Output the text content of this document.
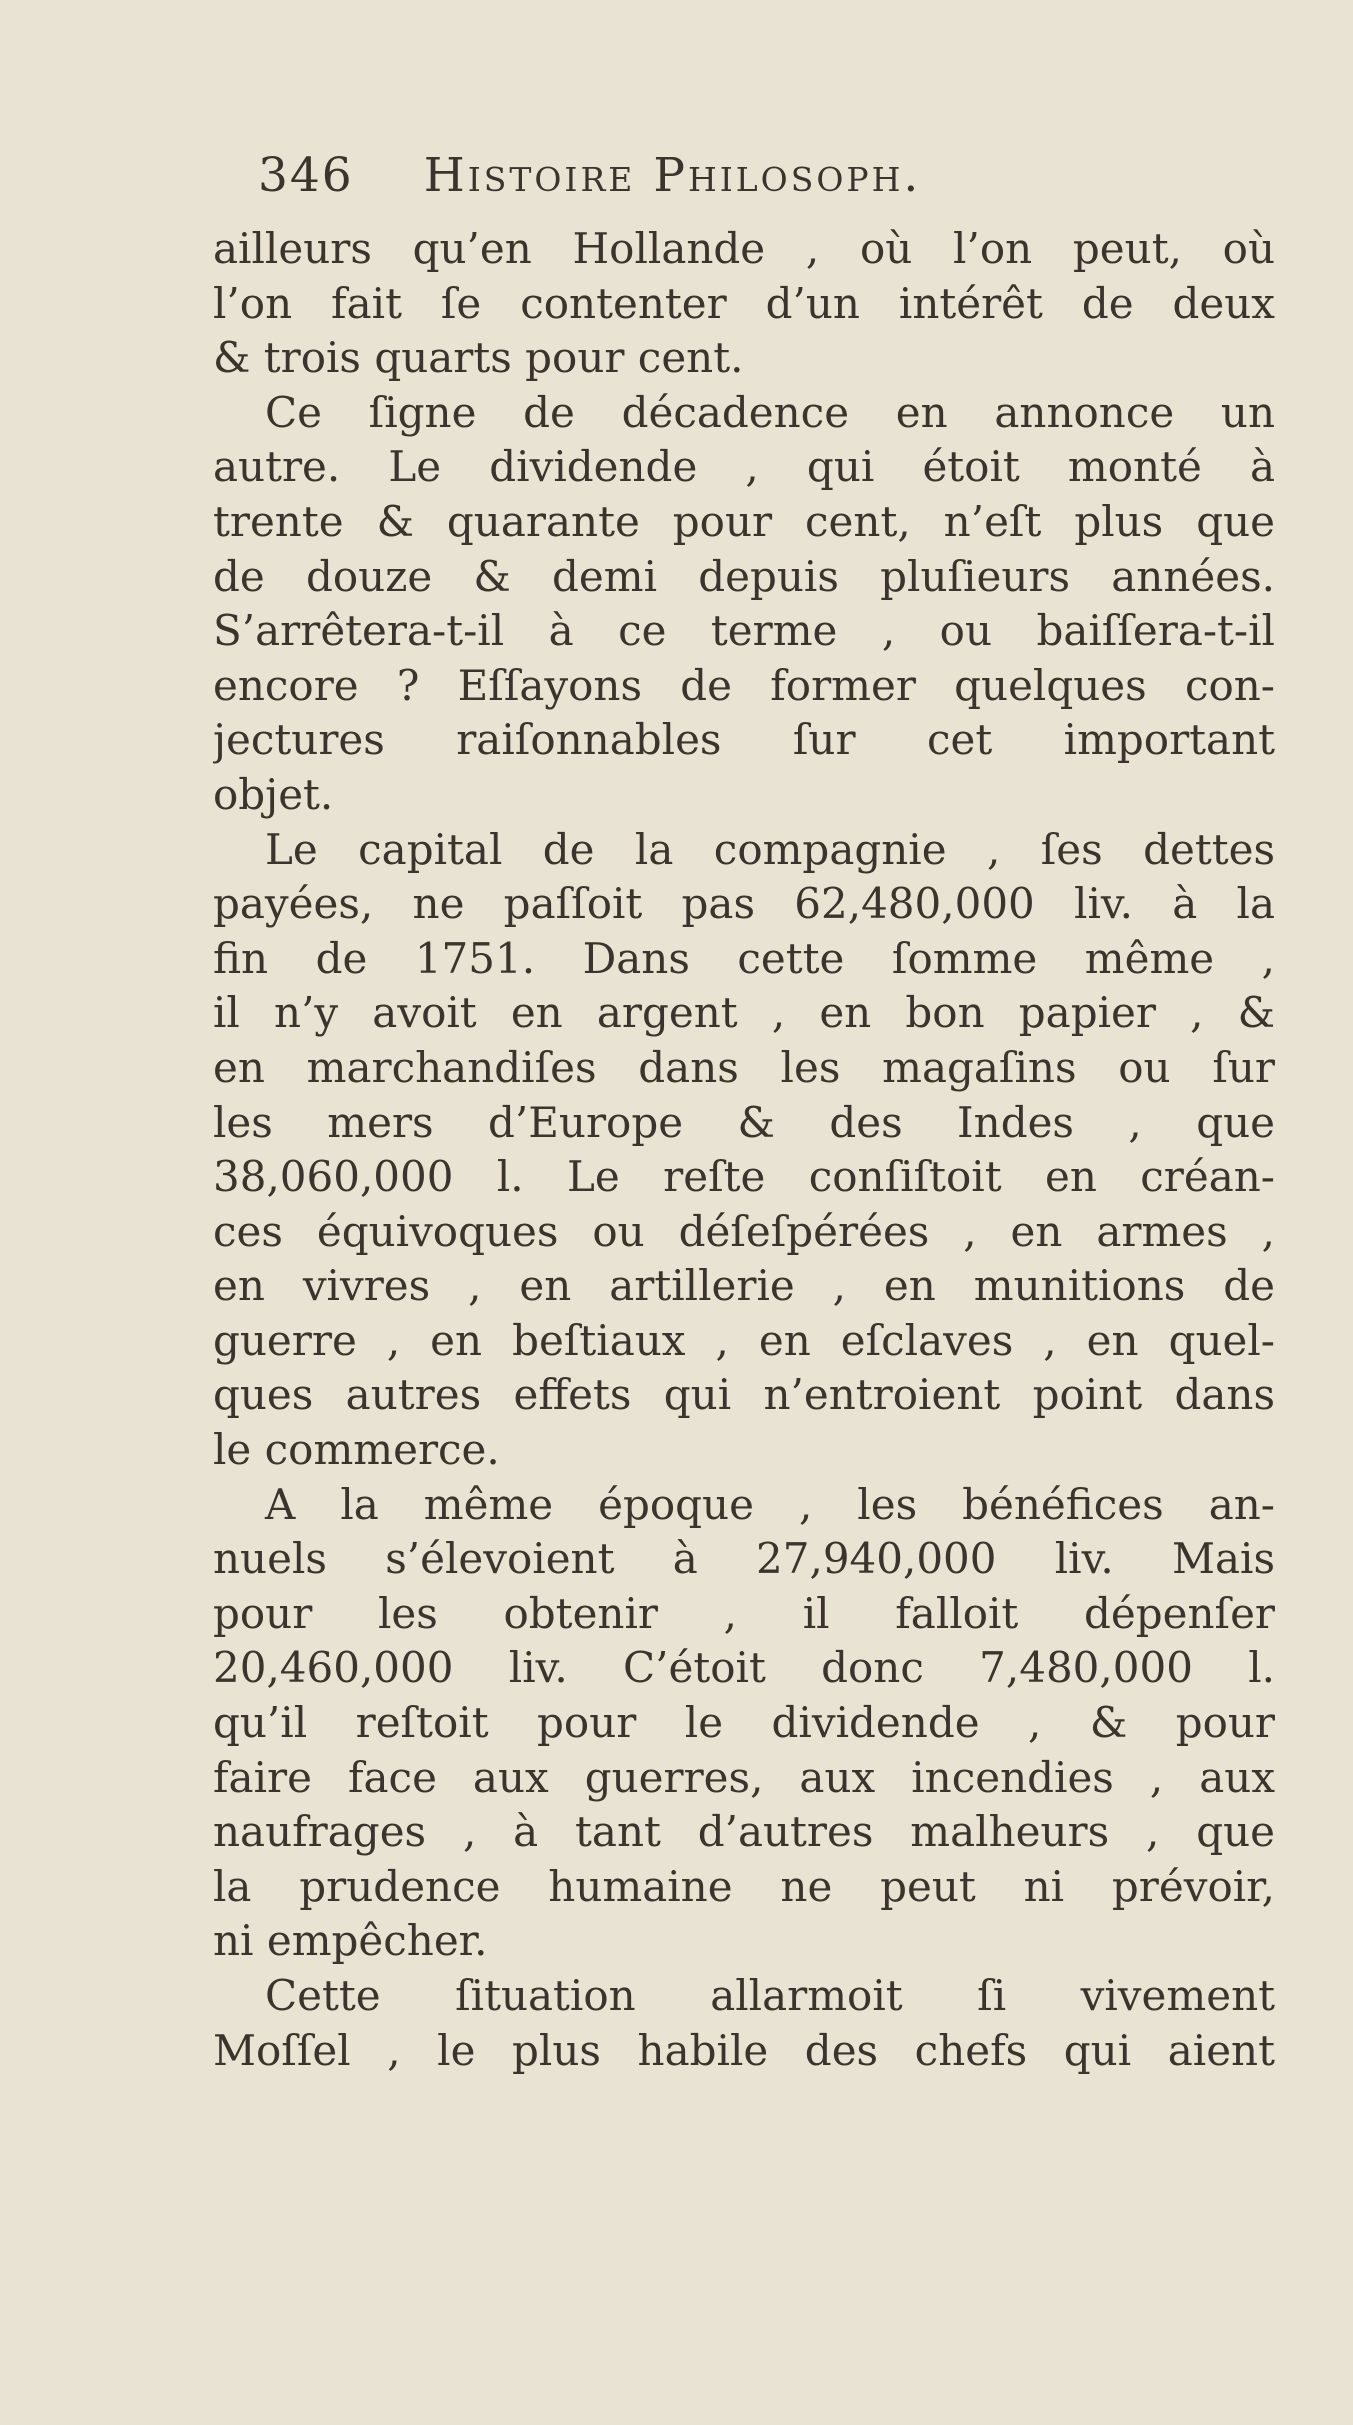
346 Histoire Philosoph.
ailleurs qu’en Hollande , où l’on peut, où
l’on fait ſe contenter d’un intérêt de deux
& trois quarts pour cent.
Ce ſigne de décadence en annonce un
autre. Le dividende , qui étoit monté à
trente & quarante pour cent, n’eſt plus que
de douze & demi depuis pluſieurs années.
S’arrêtera-t-il à ce terme , ou baiſſera-t-il
encore ? Eſſayons de former quelques con-
jectures raiſonnables ſur cet important
objet.
Le capital de la compagnie , ſes dettes
payées, ne paſſoit pas 62,480,000 liv. à la
fin de 1751. Dans cette ſomme même ,
il n’y avoit en argent , en bon papier , &
en marchandiſes dans les magaſins ou ſur
les mers d’Europe & des Indes , que
38,060,000 l. Le reſte conſiſtoit en créan-
ces équivoques ou déſeſpérées , en armes ,
en vivres , en artillerie , en munitions de
guerre , en beſtiaux , en eſclaves , en quel-
ques autres effets qui n’entroient point dans
le commerce.
A la même époque , les bénéfices an-
nuels s’élevoient à 27,940,000 liv. Mais
pour les obtenir , il falloit dépenſer
20,460,000 liv. C’étoit donc 7,480,000 l.
qu’il reſtoit pour le dividende , & pour
faire face aux guerres, aux incendies , aux
naufrages , à tant d’autres malheurs , que
la prudence humaine ne peut ni prévoir,
ni empêcher.
Cette ſituation allarmoit ſi vivement
Moſſel , le plus habile des chefs qui aient
